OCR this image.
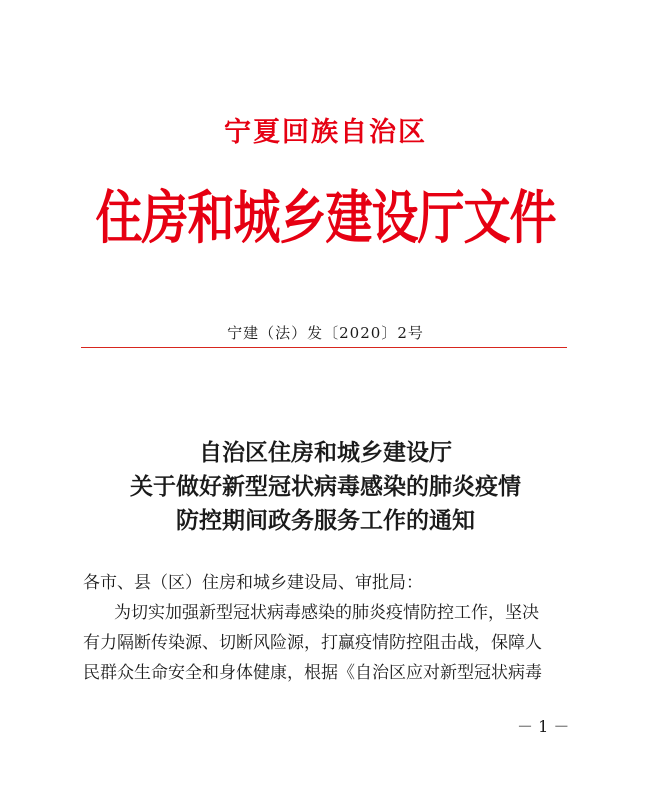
宁夏回族自治区
住房和城乡建设厅文件
宁建（法）发〔2020〕2号
自治区住房和城乡建设厅
关于做好新型冠状病毒感染的肺炎疫情
防控期间政务服务工作的通知
各市、县（区）住房和城乡建设局、审批局：
为切实加强新型冠状病毒感染的肺炎疫情防控工作，坚决
有力隔断传染源、切断风险源，打赢疫情防控阻击战，保障人
民群众生命安全和身体健康，根据《自治区应对新型冠状病毒
－ 1 －
